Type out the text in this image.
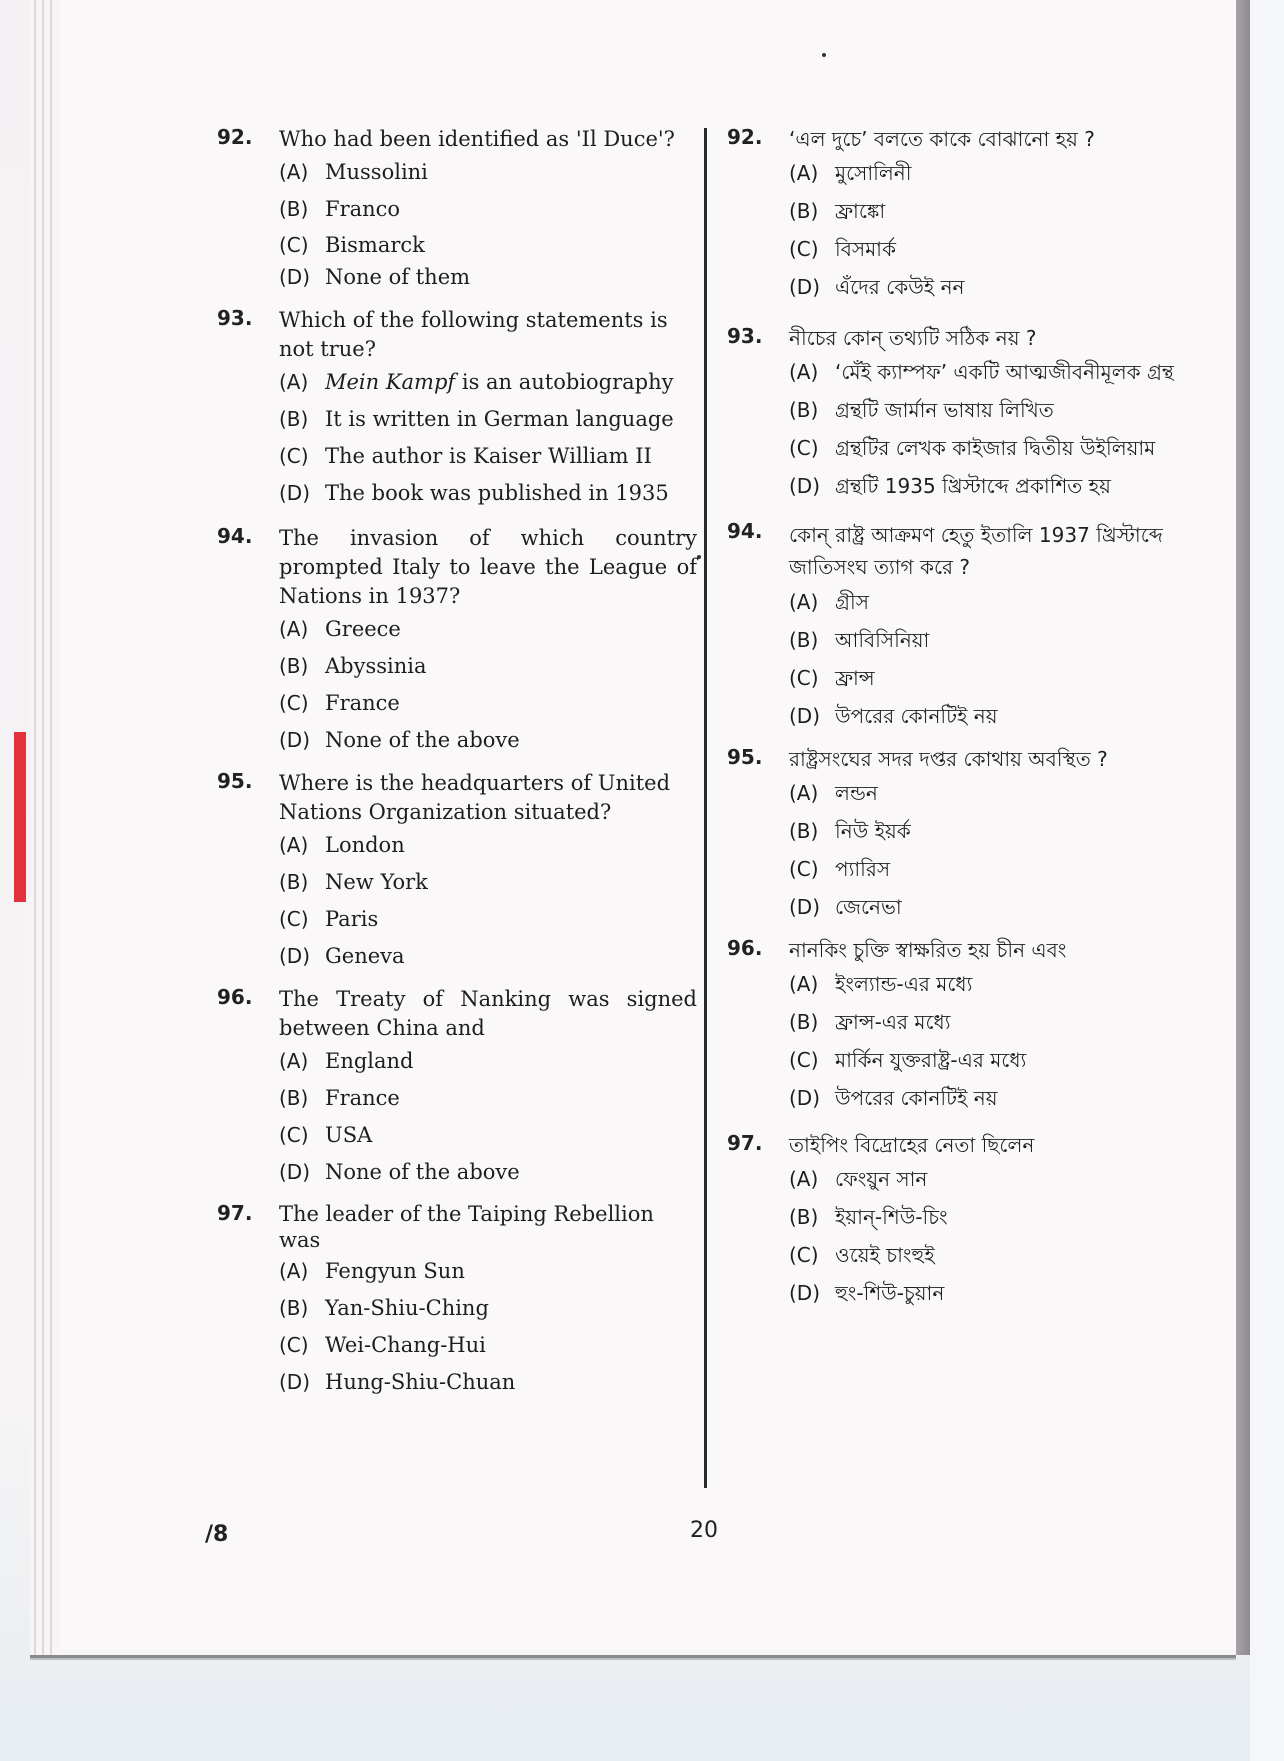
92. Who had been identified as 'Il Duce'?
(A) Mussolini
(B) Franco
(C) Bismarck
(D) None of them
93. Which of the following statements is not true?
(A) Mein Kampf is an autobiography
(B) It is written in German language
(C) The author is Kaiser William II
(D) The book was published in 1935
94. The invasion of which country prompted Italy to leave the League of Nations in 1937?
(A) Greece
(B) Abyssinia
(C) France
(D) None of the above
95. Where is the headquarters of United Nations Organization situated?
(A) London
(B) New York
(C) Paris
(D) Geneva
96. The Treaty of Nanking was signed between China and
(A) England
(B) France
(C) USA
(D) None of the above
97. The leader of the Taiping Rebellion was
(A) Fengyun Sun
(B) Yan-Shiu-Ching
(C) Wei-Chang-Hui
(D) Hung-Shiu-Chuan
92. ‘এল দুচে’ বলতে কাকে বোঝানো হয় ?
(A) মুসোলিনী
(B) ফ্রাঙ্কো
(C) বিসমার্ক
(D) এঁদের কেউই নন
93. নীচের কোন্ তথ্যটি সঠিক নয় ?
(A) ‘মেঁই ক্যাম্পফ’ একটি আত্মজীবনীমূলক গ্রন্থ
(B) গ্রন্থটি জার্মান ভাষায় লিখিত
(C) গ্রন্থটির লেখক কাইজার দ্বিতীয় উইলিয়াম
(D) গ্রন্থটি 1935 খ্রিস্টাব্দে প্রকাশিত হয়
94. কোন্ রাষ্ট্র আক্রমণ হেতু ইতালি 1937 খ্রিস্টাব্দে জাতিসংঘ ত্যাগ করে ?
(A) গ্রীস
(B) আবিসিনিয়া
(C) ফ্রান্স
(D) উপরের কোনটিই নয়
95. রাষ্ট্রসংঘের সদর দপ্তর কোথায় অবস্থিত ?
(A) লন্ডন
(B) নিউ ইয়র্ক
(C) প্যারিস
(D) জেনেভা
96. নানকিং চুক্তি স্বাক্ষরিত হয় চীন এবং
(A) ইংল্যান্ড-এর মধ্যে
(B) ফ্রান্স-এর মধ্যে
(C) মার্কিন যুক্তরাষ্ট্র-এর মধ্যে
(D) উপরের কোনটিই নয়
97. তাইপিং বিদ্রোহের নেতা ছিলেন
(A) ফেংয়ুন সান
(B) ইয়ান্-শিউ-চিং
(C) ওয়েই চাংহুই
(D) হুং-শিউ-চুয়ান
/8	20
